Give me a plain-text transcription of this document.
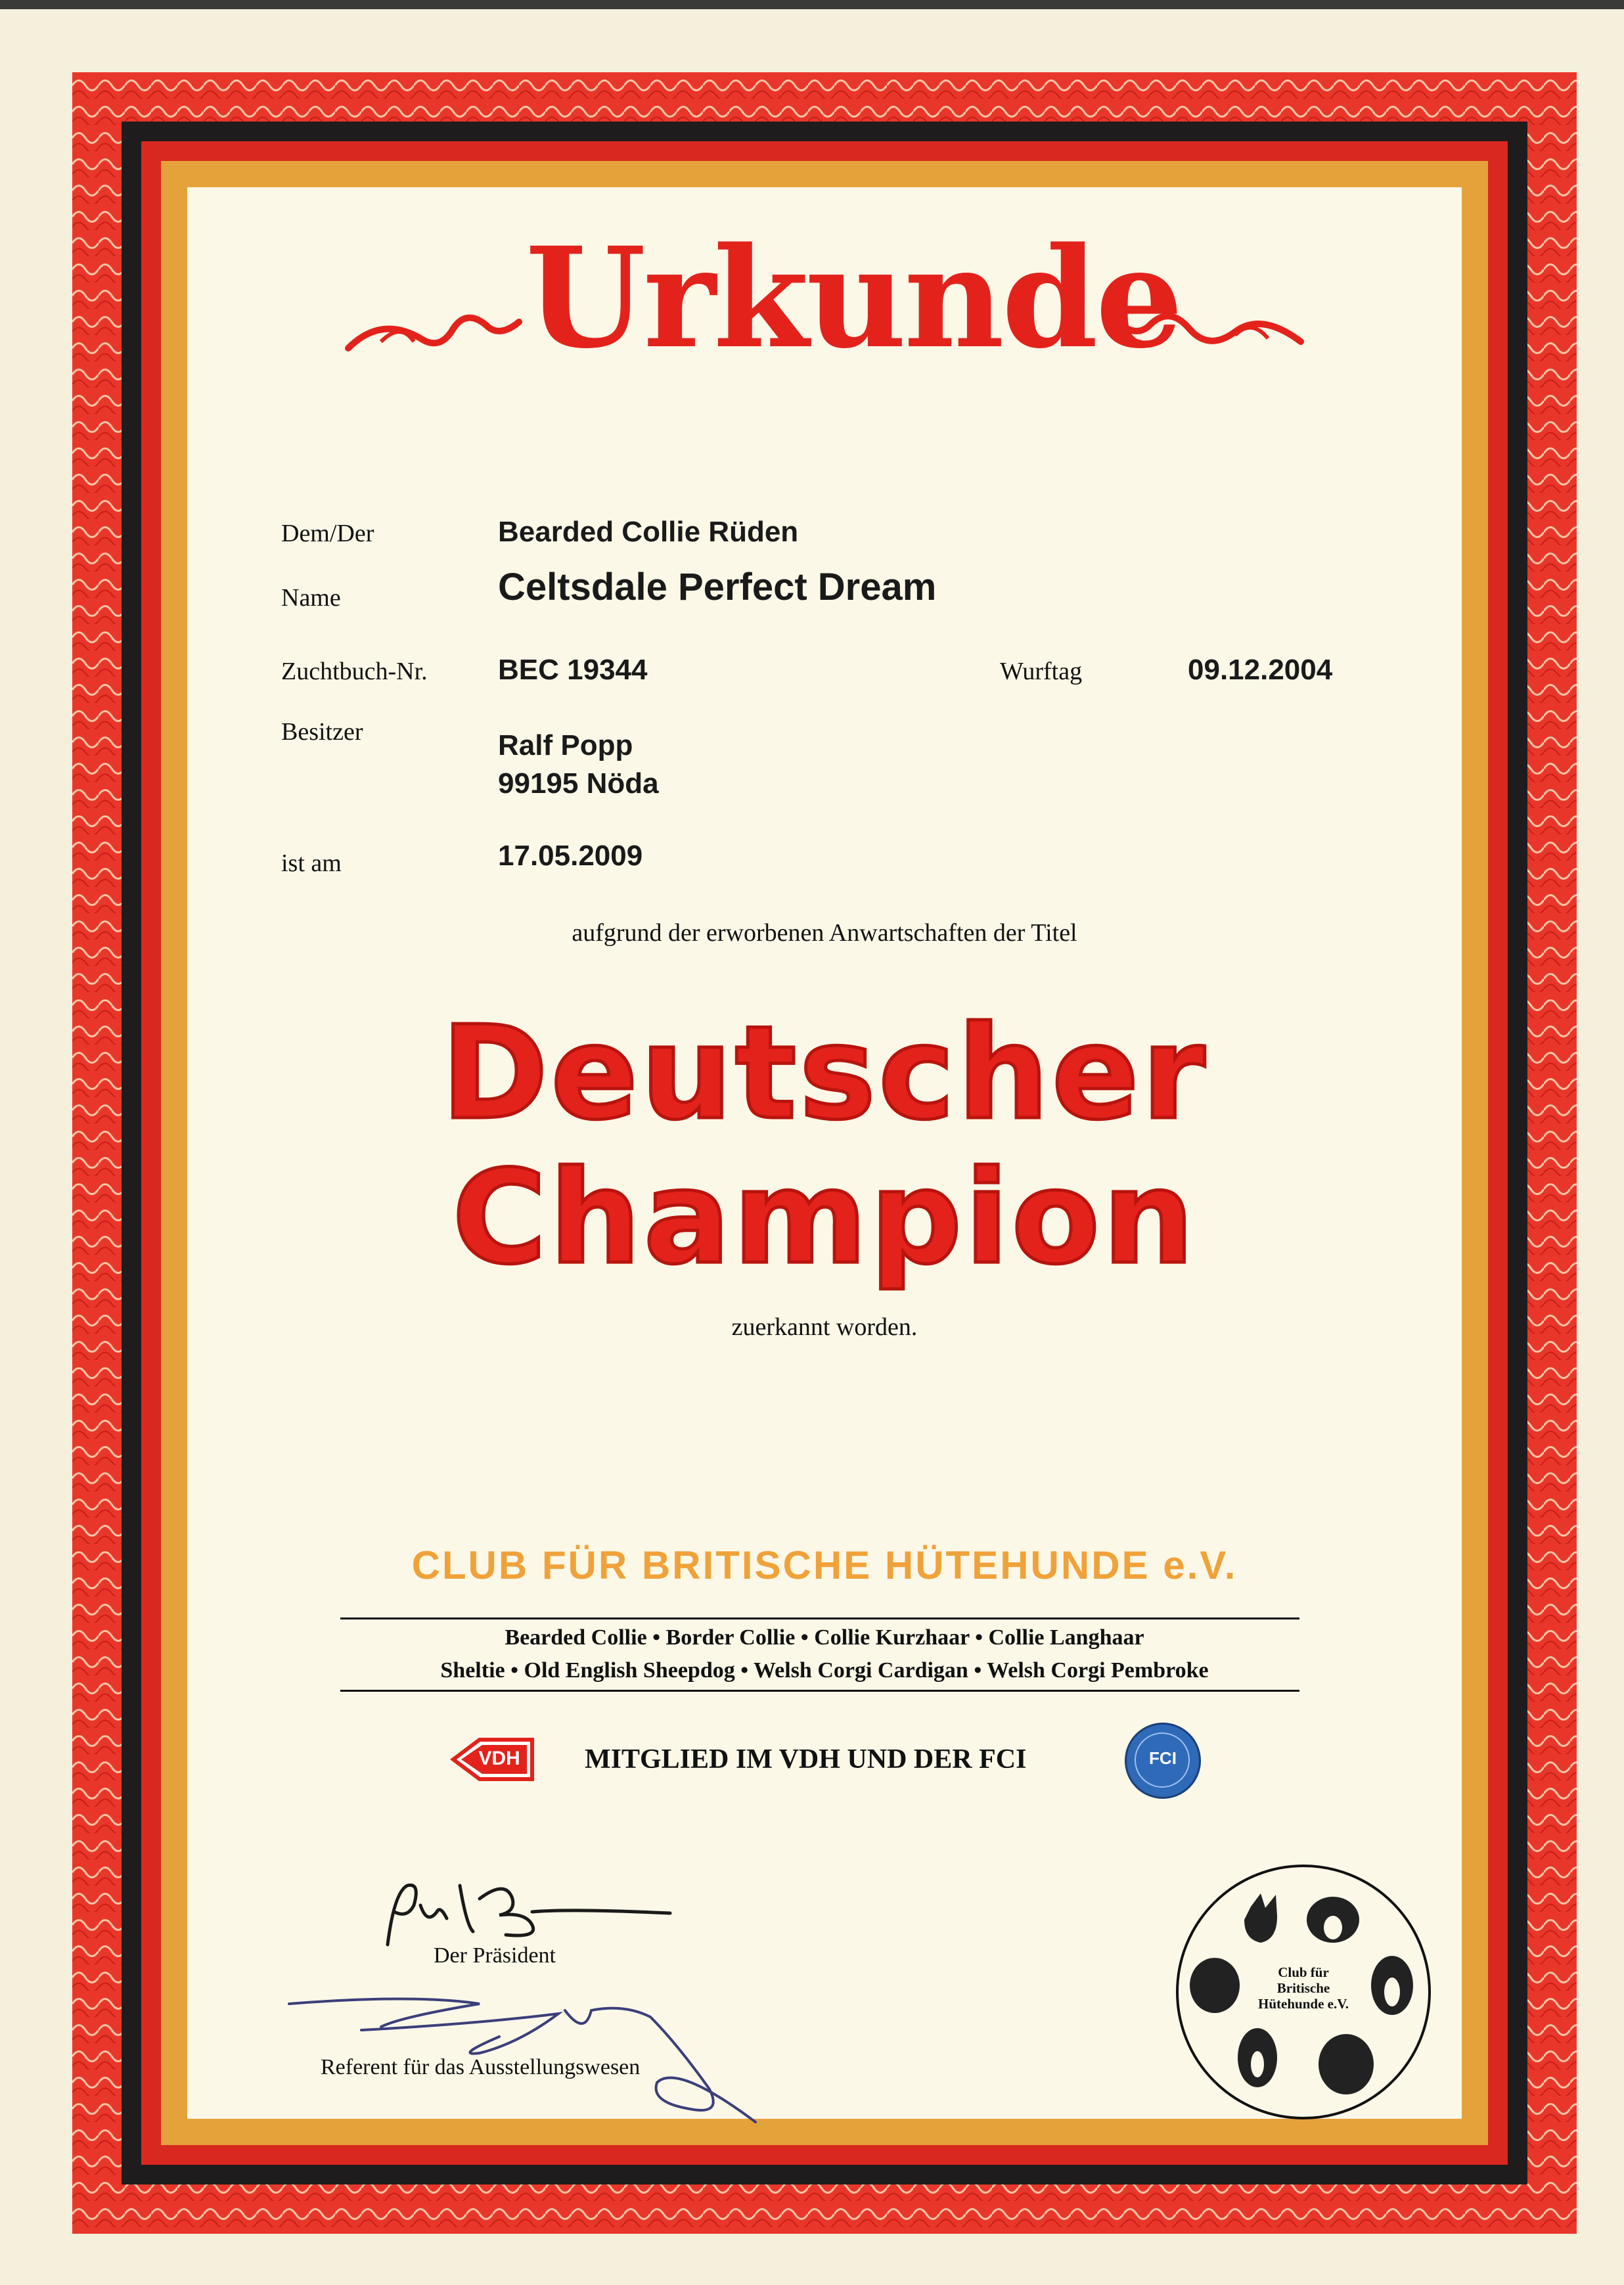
Urkunde
Dem/Der	Bearded Collie Rüden
Name	Celtsdale Perfect Dream
Zuchtbuch-Nr. BEC 19344	Wurftag	09.12.2004
Besitzer	Ralf Popp
99195 Nöda
ist am	17.05.2009
aufgrund der erworbenen Anwartschaften der Titel
Deutscher
Champion
zuerkannt worden.
CLUB FÜR BRITISCHE HÜTEHUNDE e.V.
Bearded Collie • Border Collie • Collie Kurzhaar • Collie Langhaar
Sheltie • Old English Sheepdog • Welsh Corgi Cardigan • Welsh Corgi Pembroke
VDH MITGLIED IM VDH UND DER FCI	FCI
Der Präsident
Referent für das Ausstellungswesen
Club für
Britische
Hütehunde e.V.
